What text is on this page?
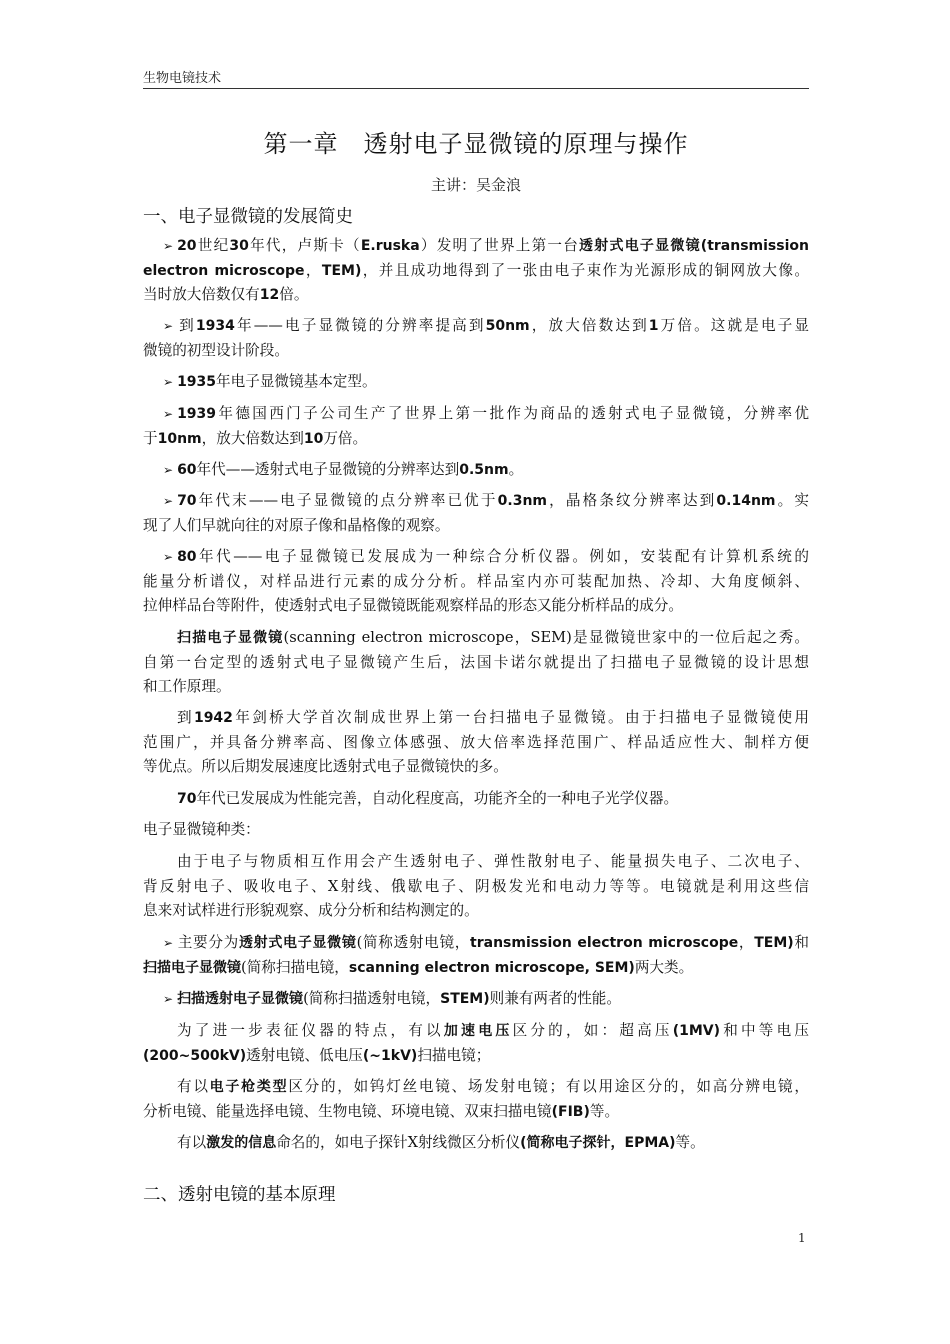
生物电镜技术
第一章　透射电子显微镜的原理与操作
主讲：吴金浪
一、电子显微镜的发展简史
➢ 20世纪30年代，卢斯卡（E.ruska）发明了世界上第一台透射式电子显微镜(transmission
electron microscope，TEM)，并且成功地得到了一张由电子束作为光源形成的铜网放大像。
当时放大倍数仅有12倍。
➢ 到1934年——电子显微镜的分辨率提高到50nm，放大倍数达到1万倍。这就是电子显
微镜的初型设计阶段。
➢ 1935年电子显微镜基本定型。
➢ 1939年德国西门子公司生产了世界上第一批作为商品的透射式电子显微镜，分辨率优
于10nm，放大倍数达到10万倍。
➢ 60年代——透射式电子显微镜的分辨率达到0.5nm。
➢ 70年代末——电子显微镜的点分辨率已优于0.3nm，晶格条纹分辨率达到0.14nm。实
现了人们早就向往的对原子像和晶格像的观察。
➢ 80年代——电子显微镜已发展成为一种综合分析仪器。例如，安装配有计算机系统的
能量分析谱仪，对样品进行元素的成分分析。样品室内亦可装配加热、冷却、大角度倾斜、
拉伸样品台等附件，使透射式电子显微镜既能观察样品的形态又能分析样品的成分。
扫描电子显微镜(scanning electron microscope，SEM)是显微镜世家中的一位后起之秀。
自第一台定型的透射式电子显微镜产生后，法国卡诺尔就提出了扫描电子显微镜的设计思想
和工作原理。
到1942年剑桥大学首次制成世界上第一台扫描电子显微镜。由于扫描电子显微镜使用
范围广，并具备分辨率高、图像立体感强、放大倍率选择范围广、样品适应性大、制样方便
等优点。所以后期发展速度比透射式电子显微镜快的多。
70年代已发展成为性能完善，自动化程度高，功能齐全的一种电子光学仪器。
电子显微镜种类：
由于电子与物质相互作用会产生透射电子、弹性散射电子、能量损失电子、二次电子、
背反射电子、吸收电子、X射线、俄歇电子、阴极发光和电动力等等。电镜就是利用这些信
息来对试样进行形貌观察、成分分析和结构测定的。
➢ 主要分为透射式电子显微镜(简称透射电镜，transmission electron microscope，TEM)和
扫描电子显微镜(简称扫描电镜，scanning electron microscope, SEM)两大类。
➢ 扫描透射电子显微镜(简称扫描透射电镜，STEM)则兼有两者的性能。
为了进一步表征仪器的特点，有以加速电压区分的，如：超高压(1MV)和中等电压
(200~500kV)透射电镜、低电压(~1kV)扫描电镜；
有以电子枪类型区分的，如钨灯丝电镜、场发射电镜；有以用途区分的，如高分辨电镜，
分析电镜、能量选择电镜、生物电镜、环境电镜、双束扫描电镜(FIB)等。
有以激发的信息命名的，如电子探针X射线微区分析仪(简称电子探针，EPMA)等。
二、透射电镜的基本原理
1
